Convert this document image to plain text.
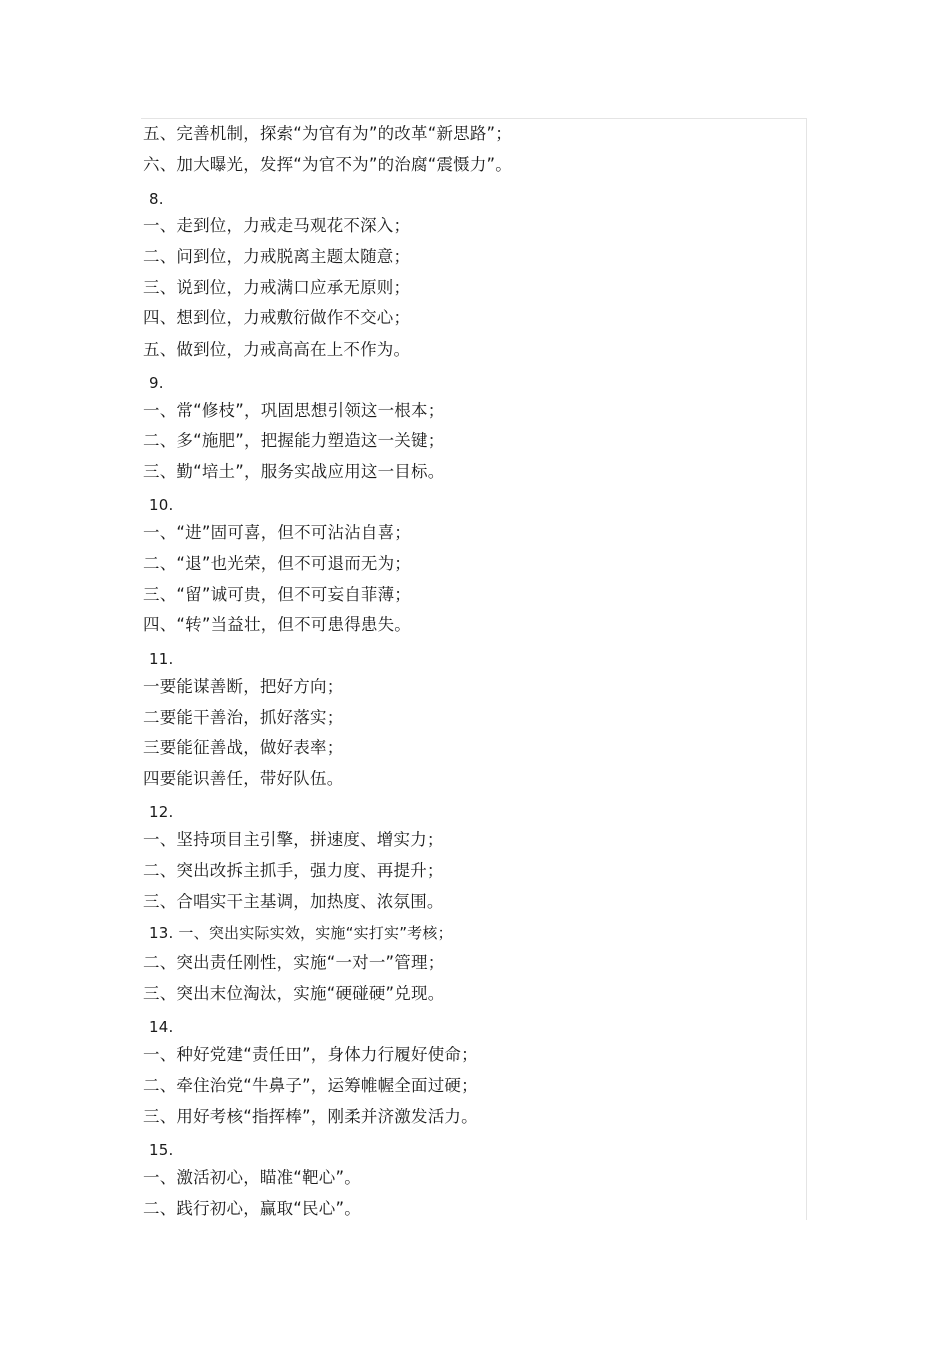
五、完善机制，探索“为官有为”的改革“新思路”；
六、加大曝光，发挥“为官不为”的治腐“震慑力”。
8.
一、走到位，力戒走马观花不深入；
二、问到位，力戒脱离主题太随意；
三、说到位，力戒满口应承无原则；
四、想到位，力戒敷衍做作不交心；
五、做到位，力戒高高在上不作为。
9.
一、常“修枝”，巩固思想引领这一根本；
二、多“施肥”，把握能力塑造这一关键；
三、勤“培土”，服务实战应用这一目标。
10.
一、“进”固可喜，但不可沾沾自喜；
二、“退”也光荣，但不可退而无为；
三、“留”诚可贵，但不可妄自菲薄；
四、“转”当益壮，但不可患得患失。
11.
一要能谋善断，把好方向；
二要能干善治，抓好落实；
三要能征善战，做好表率；
四要能识善任，带好队伍。
12.
一、坚持项目主引擎，拼速度、增实力；
二、突出改拆主抓手，强力度、再提升；
三、合唱实干主基调，加热度、浓氛围。
13. 一、突出实际实效，实施“实打实”考核；
二、突出责任刚性，实施“一对一”管理；
三、突出末位淘汰，实施“硬碰硬”兑现。
14.
一、种好党建“责任田”，身体力行履好使命；
二、牵住治党“牛鼻子”，运筹帷幄全面过硬；
三、用好考核“指挥棒”，刚柔并济激发活力。
15.
一、激活初心，瞄准“靶心”。
二、践行初心，赢取“民心”。
